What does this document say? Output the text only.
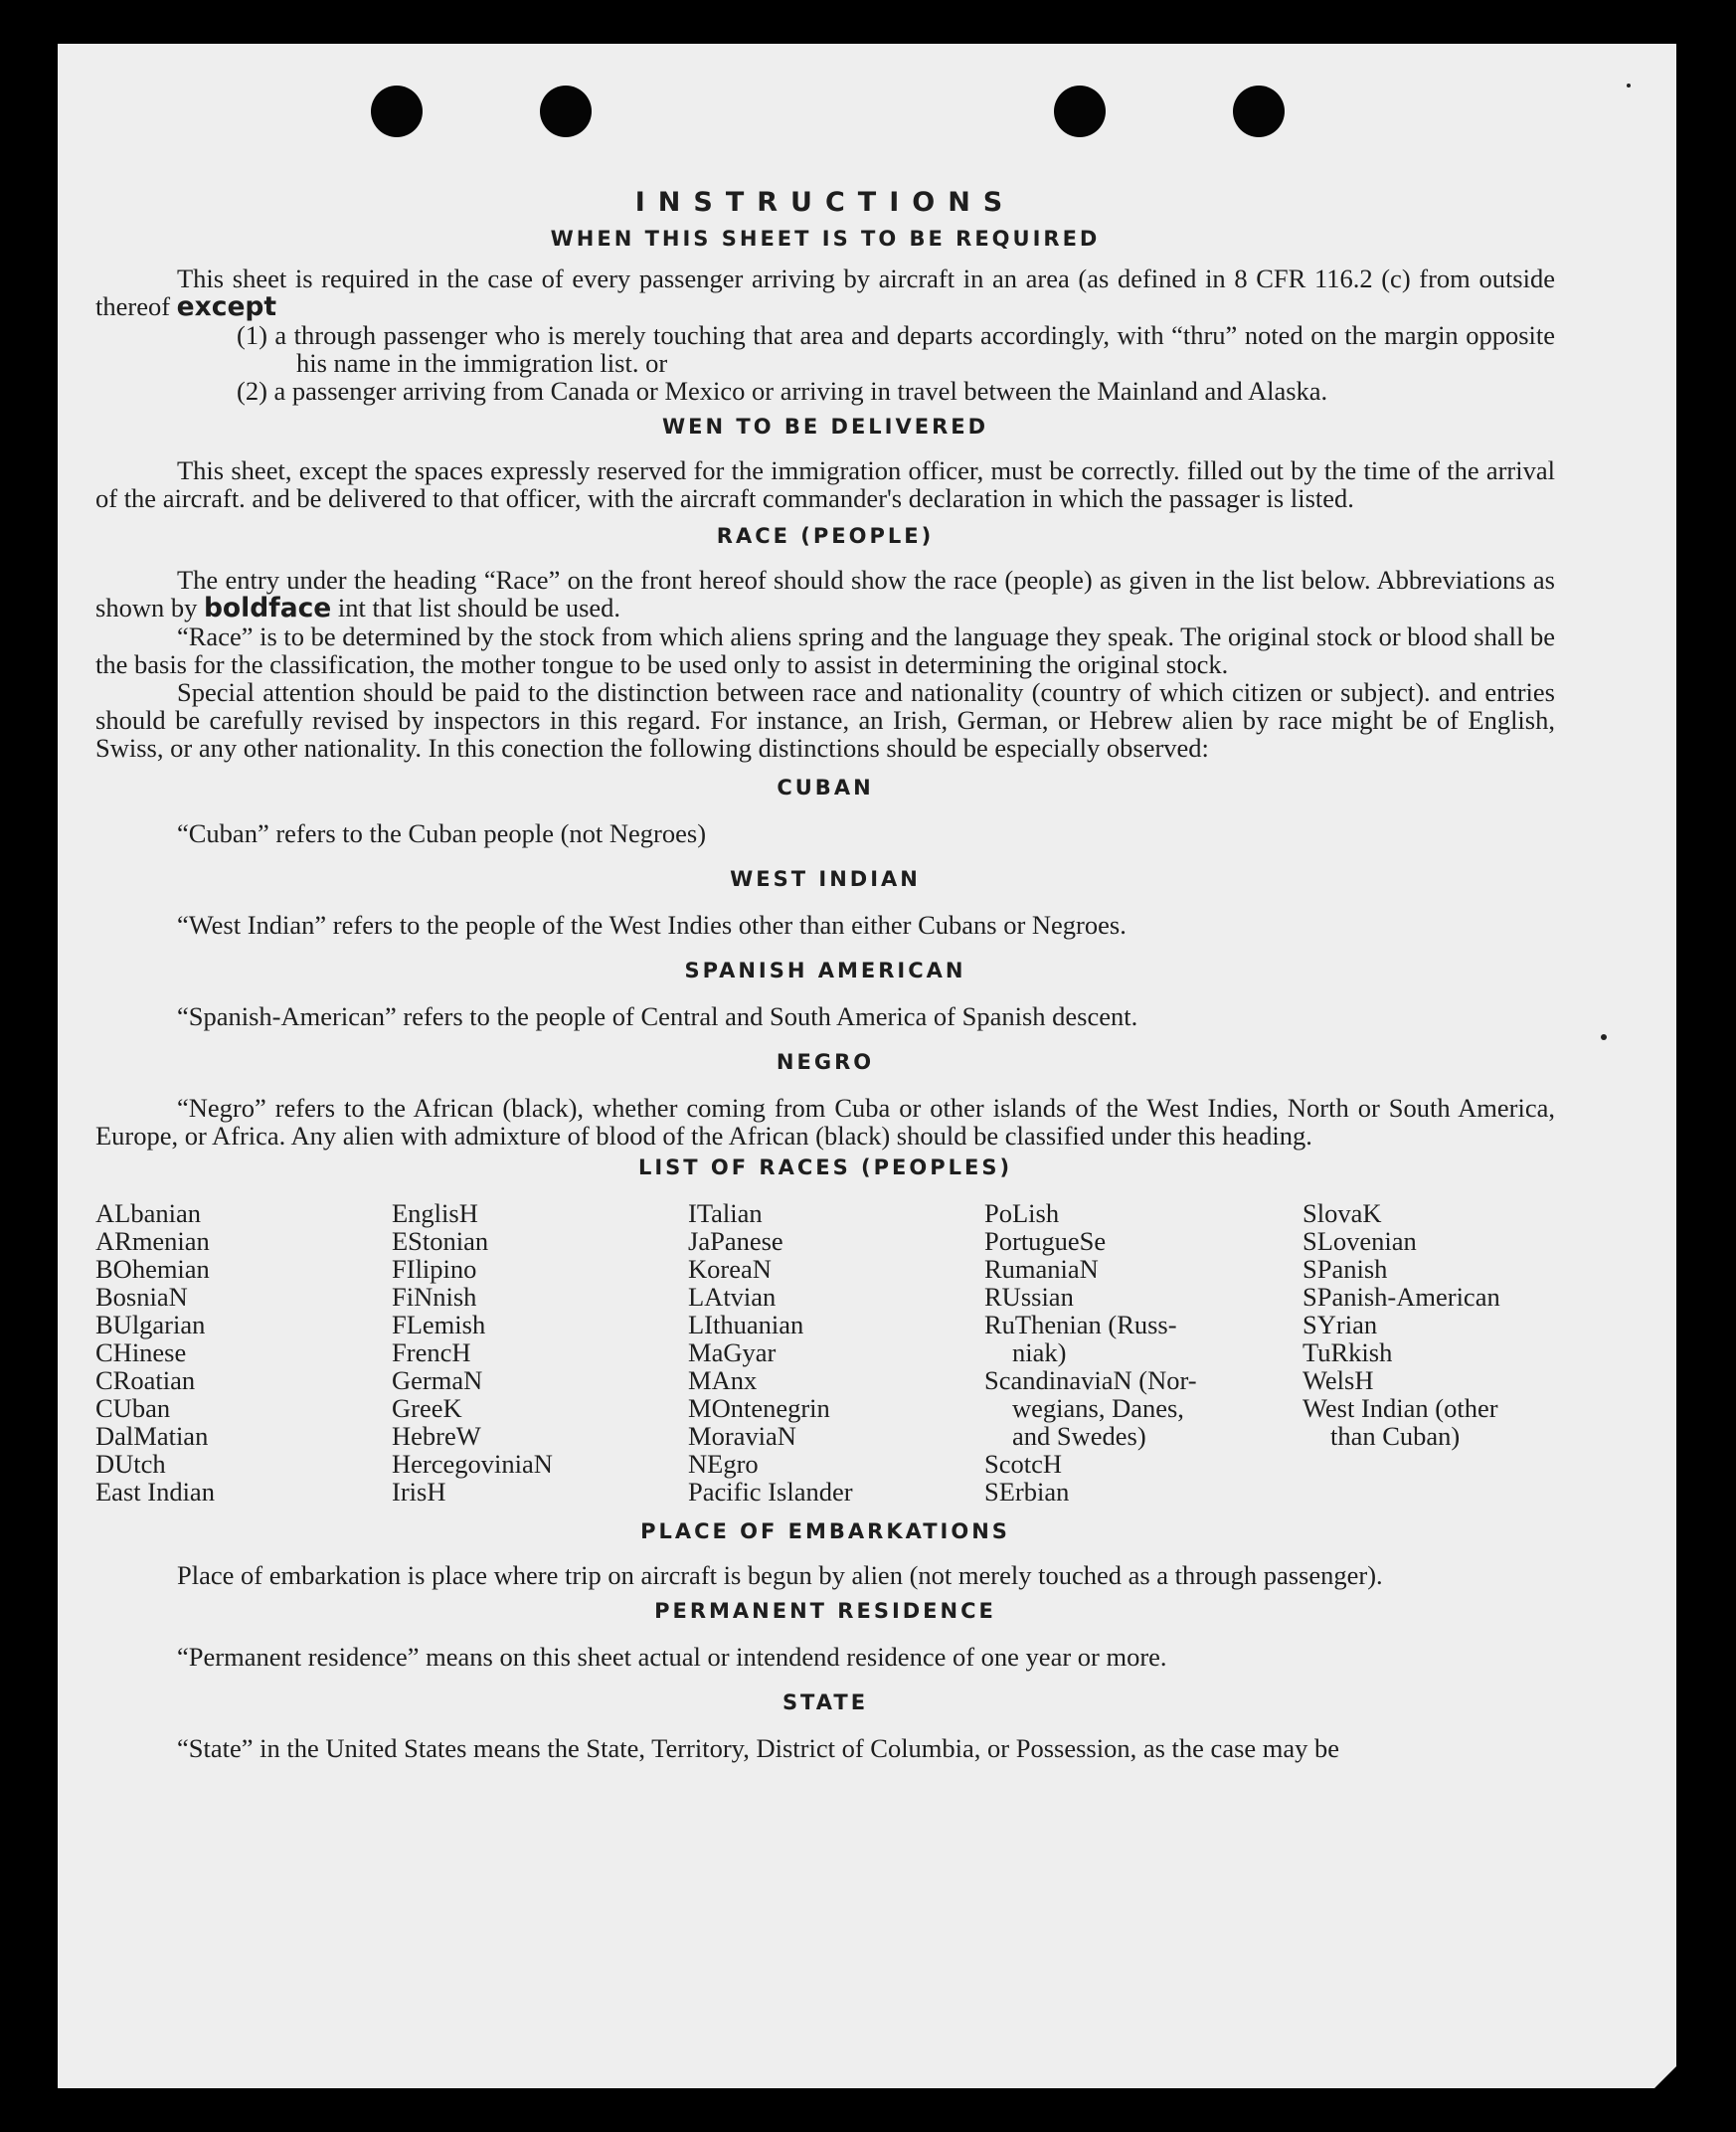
INSTRUCTIONS
WHEN THIS SHEET IS TO BE REQUIRED

This sheet is required in the case of every passenger arriving by aircraft in an area (as defined in 8 CFR 116.2 (c) from outside thereof except

(1) a through passenger who is merely touching that area and departs accordingly, with “thru” noted on the margin opposite his name in the immigration list. or

(2) a passenger arriving from Canada or Mexico or arriving in travel between the Mainland and Alaska.

WEN TO BE DELIVERED

This sheet, except the spaces expressly reserved for the immigration officer, must be correctly. filled out by the time of the arrival of the aircraft. and be delivered to that officer, with the aircraft commander's declaration in which the passager is listed.

RACE (PEOPLE)

The entry under the heading “Race” on the front hereof should show the race (people) as given in the list below. Abbreviations as shown by boldface int that list should be used.

“Race” is to be determined by the stock from which aliens spring and the language they speak. The original stock or blood shall be the basis for the classification, the mother tongue to be used only to assist in determining the original stock.

Special attention should be paid to the distinction between race and nationality (country of which citizen or subject). and entries should be carefully revised by inspectors in this regard. For instance, an Irish, German, or Hebrew alien by race might be of English, Swiss, or any other nationality. In this conection the following distinctions should be especially observed:

CUBAN

“Cuban” refers to the Cuban people (not Negroes)

WEST INDIAN

“West Indian” refers to the people of the West Indies other than either Cubans or Negroes.

SPANISH AMERICAN

“Spanish-American” refers to the people of Central and South America of Spanish descent.

NEGRO

“Negro” refers to the African (black), whether coming from Cuba or other islands of the West Indies, North or South America, Europe, or Africa. Any alien with admixture of blood of the African (black) should be classified under this heading.

LIST OF RACES (PEOPLES)
ALbanian
ARmenian
BOhemian
BosniaN
BUlgarian
CHinese
CRoatian
CUban
DalMatian
DUtch
East Indian
EnglisH
EStonian
FIlipino
FiNnish
FLemish
FrencH
GermaN
GreeK
HebreW
HercegoviniaN
IrisH
ITalian
JaPanese
KoreaN
LAtvian
LIthuanian
MaGyar
MAnx
MOntenegrin
MoraviaN
NEgro
Pacific Islander
PoLish
PortugueSe
RumaniaN
RUssian
RuThenian (Russ-
niak)
ScandinaviaN (Nor-
wegians, Danes,
and Swedes)
ScotcH
SErbian
SlovaK
SLovenian
SPanish
SPanish-American
SYrian
TuRkish
WelsH
West Indian (other
than Cuban)
PLACE OF EMBARKATIONS

Place of embarkation is place where trip on aircraft is begun by alien (not merely touched as a through passenger).

PERMANENT RESIDENCE

“Permanent residence” means on this sheet actual or intendend residence of one year or more.

STATE

“State” in the United States means the State, Territory, District of Columbia, or Possession, as the case may be
